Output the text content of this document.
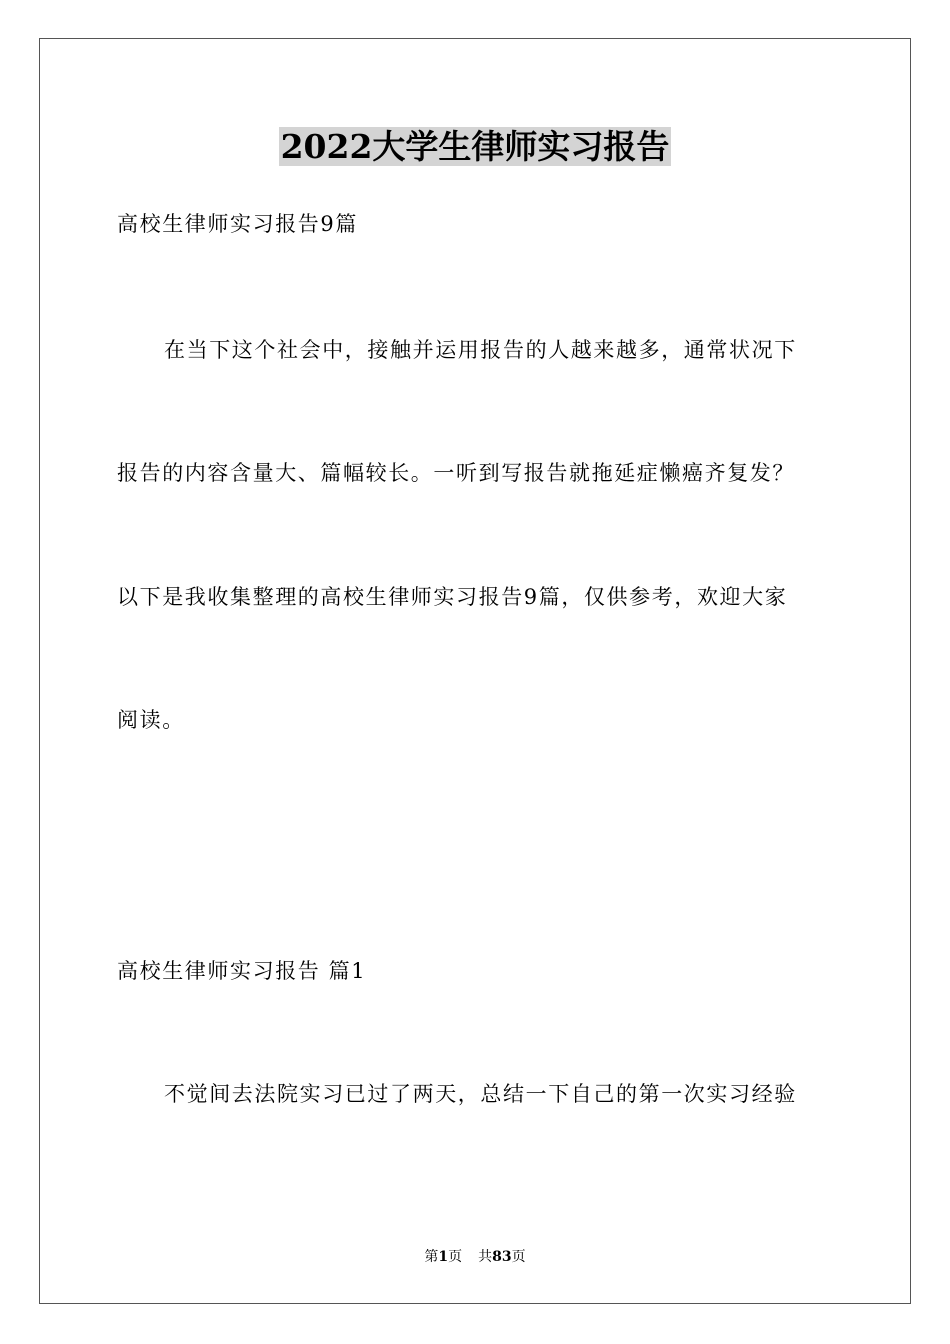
2022大学生律师实习报告
高校生律师实习报告9篇
在当下这个社会中，接触并运用报告的人越来越多，通常状况下
报告的内容含量大、篇幅较长。一听到写报告就拖延症懒癌齐复发？
以下是我收集整理的高校生律师实习报告9篇，仅供参考，欢迎大家
阅读。
高校生律师实习报告 篇1
不觉间去法院实习已过了两天，总结一下自己的第一次实习经验
第1页 共83页
